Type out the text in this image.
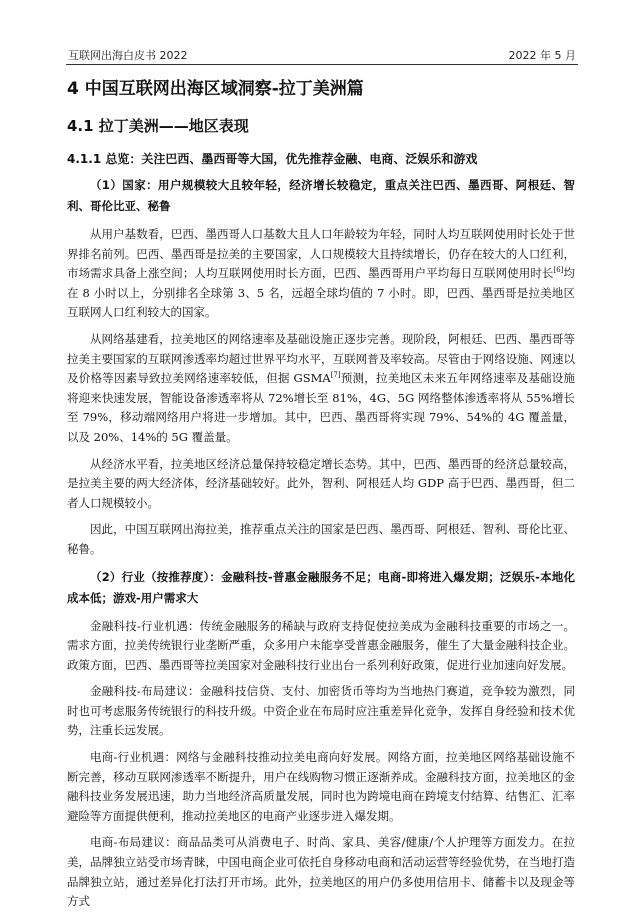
互联网出海白皮书 2022	2022 年 5 月
4 中国互联网出海区域洞察-拉丁美洲篇
4.1 拉丁美洲——地区表现
4.1.1 总览：关注巴西、墨西哥等大国，优先推荐金融、电商、泛娱乐和游戏
（1）国家：用户规模较大且较年轻，经济增长较稳定，重点关注巴西、墨西哥、阿根廷、智利、哥伦比亚、秘鲁

从用户基数看，巴西、墨西哥人口基数大且人口年龄较为年轻，同时人均互联网使用时长处于世界排名前列。巴西、墨西哥是拉美的主要国家，人口规模较大且持续增长，仍存在较大的人口红利，市场需求具备上涨空间；人均互联网使用时长方面，巴西、墨西哥用户平均每日互联网使用时长[6]均在 8 小时以上，分别排名全球第 3、5 名，远超全球均值的 7 小时。即，巴西、墨西哥是拉美地区互联网人口红利较大的国家。

从网络基建看，拉美地区的网络速率及基础设施正逐步完善。现阶段，阿根廷、巴西、墨西哥等拉美主要国家的互联网渗透率均超过世界平均水平，互联网普及率较高。尽管由于网络设施、网速以及价格等因素导致拉美网络速率较低，但据 GSMA[7]预测，拉美地区未来五年网络速率及基础设施将迎来快速发展，智能设备渗透率将从 72%增长至 81%，4G、5G 网络整体渗透率将从 55%增长至 79%，移动端网络用户将进一步增加。其中，巴西、墨西哥将实现 79%、54%的 4G 覆盖量，以及 20%、14%的 5G 覆盖量。

从经济水平看，拉美地区经济总量保持较稳定增长态势。其中，巴西、墨西哥的经济总量较高，是拉美主要的两大经济体，经济基础较好。此外，智利、阿根廷人均 GDP 高于巴西、墨西哥，但二者人口规模较小。

因此，中国互联网出海拉美，推荐重点关注的国家是巴西、墨西哥、阿根廷、智利、哥伦比亚、秘鲁。

（2）行业（按推荐度）：金融科技-普惠金融服务不足；电商-即将进入爆发期；泛娱乐-本地化成本低；游戏-用户需求大

金融科技-行业机遇：传统金融服务的稀缺与政府支持促使拉美成为金融科技重要的市场之一。需求方面，拉美传统银行业垄断严重，众多用户未能享受普惠金融服务，催生了大量金融科技企业。政策方面，巴西、墨西哥等拉美国家对金融科技行业出台一系列利好政策，促进行业加速向好发展。

金融科技-布局建议：金融科技信贷、支付、加密货币等均为当地热门赛道，竞争较为激烈，同时也可考虑服务传统银行的科技升级。中资企业在布局时应注重差异化竞争，发挥自身经验和技术优势，注重长远发展。

电商-行业机遇：网络与金融科技推动拉美电商向好发展。网络方面，拉美地区网络基础设施不断完善，移动互联网渗透率不断提升，用户在线购物习惯正逐渐养成。金融科技方面，拉美地区的金融科技业务发展迅速，助力当地经济高质量发展，同时也为跨境电商在跨境支付结算、结售汇、汇率避险等方面提供便利，推动拉美地区的电商产业逐步进入爆发期。

电商-布局建议：商品品类可从消费电子、时尚、家具、美容/健康/个人护理等方面发力。在拉美，品牌独立站受市场青睐，中国电商企业可依托自身移动电商和活动运营等经验优势，在当地打造品牌独立站，通过差异化打法打开市场。此外，拉美地区的用户仍多使用信用卡、储蓄卡以及现金等方式
